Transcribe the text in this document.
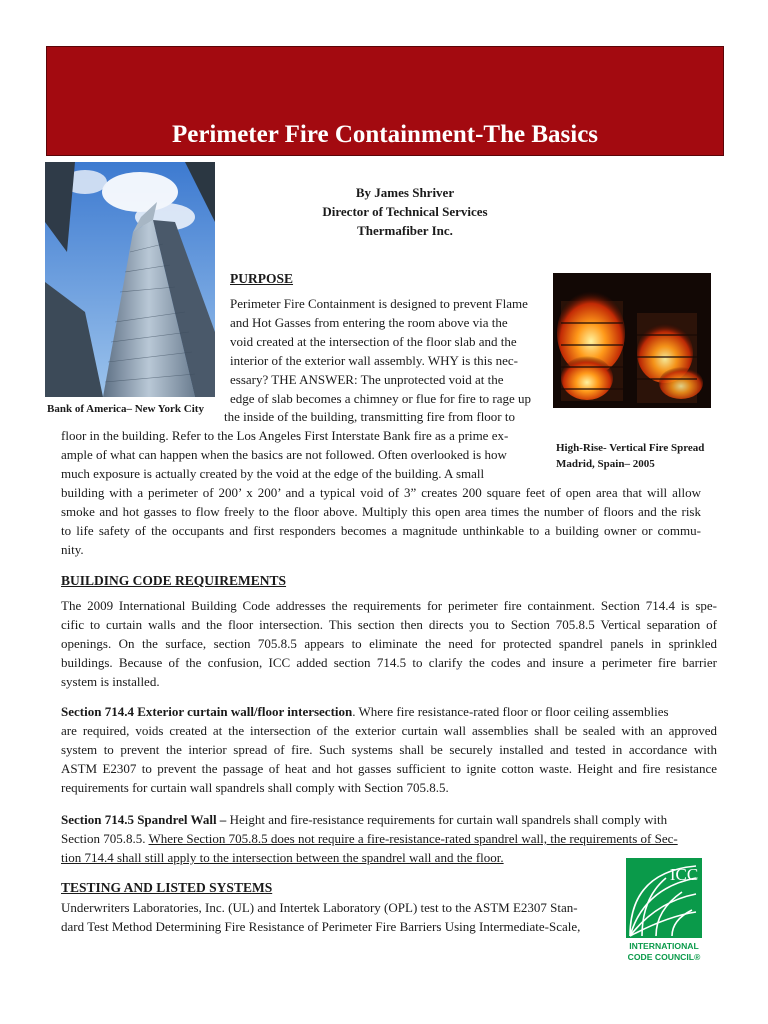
Perimeter Fire Containment-The Basics
Bank of America– New York City
By James Shriver
Director of Technical Services
Thermafiber Inc.
High-Rise- Vertical Fire Spread
Madrid, Spain– 2005
PURPOSE
Perimeter Fire Containment is designed to prevent Flame
and Hot Gasses from entering the room above via the
void created at the intersection of the floor slab and the
interior of the exterior wall assembly. WHY is this nec-
essary? THE ANSWER: The unprotected void at the
edge of slab becomes a chimney or flue for fire to rage up
the inside of the building, transmitting fire from floor to
floor in the building. Refer to the Los Angeles First Interstate Bank fire as a prime ex-
ample of what can happen when the basics are not followed. Often overlooked is how
much exposure is actually created by the void at the edge of the building. A small
building with a perimeter of 200’ x 200’ and a typical void of 3” creates 200 square feet of open area that will allow
smoke and hot gasses to flow freely to the floor above. Multiply this open area times the number of floors and the risk
to life safety of the occupants and first responders becomes a magnitude unthinkable to a building owner or commu-
nity.
BUILDING CODE REQUIREMENTS
The 2009 International Building Code addresses the requirements for perimeter fire containment. Section 714.4 is spe-
cific to curtain walls and the floor intersection. This section then directs you to Section 705.8.5 Vertical separation of
openings. On the surface, section 705.8.5 appears to eliminate the need for protected spandrel panels in sprinkled
buildings. Because of the confusion, ICC added section 714.5 to clarify the codes and insure a perimeter fire barrier
system is installed.
Section 714.4 Exterior curtain wall/floor intersection. Where fire resistance-rated floor or floor ceiling assemblies
are required, voids created at the intersection of the exterior curtain wall assemblies shall be sealed with an approved
system to prevent the interior spread of fire. Such systems shall be securely installed and tested in accordance with
ASTM E2307 to prevent the passage of heat and hot gasses sufficient to ignite cotton waste. Height and fire resistance
requirements for curtain wall spandrels shall comply with Section 705.8.5.
Section 714.5 Spandrel Wall – Height and fire-resistance requirements for curtain wall spandrels shall comply with
Section 705.8.5. Where Section 705.8.5 does not require a fire-resistance-rated spandrel wall, the requirements of Sec-
tion 714.4 shall still apply to the intersection between the spandrel wall and the floor.
TESTING AND LISTED SYSTEMS
Underwriters Laboratories, Inc. (UL) and Intertek Laboratory (OPL) test to the ASTM E2307 Stan-
dard Test Method Determining Fire Resistance of Perimeter Fire Barriers Using Intermediate-Scale,
ICC
INTERNATIONAL
CODE COUNCIL®
